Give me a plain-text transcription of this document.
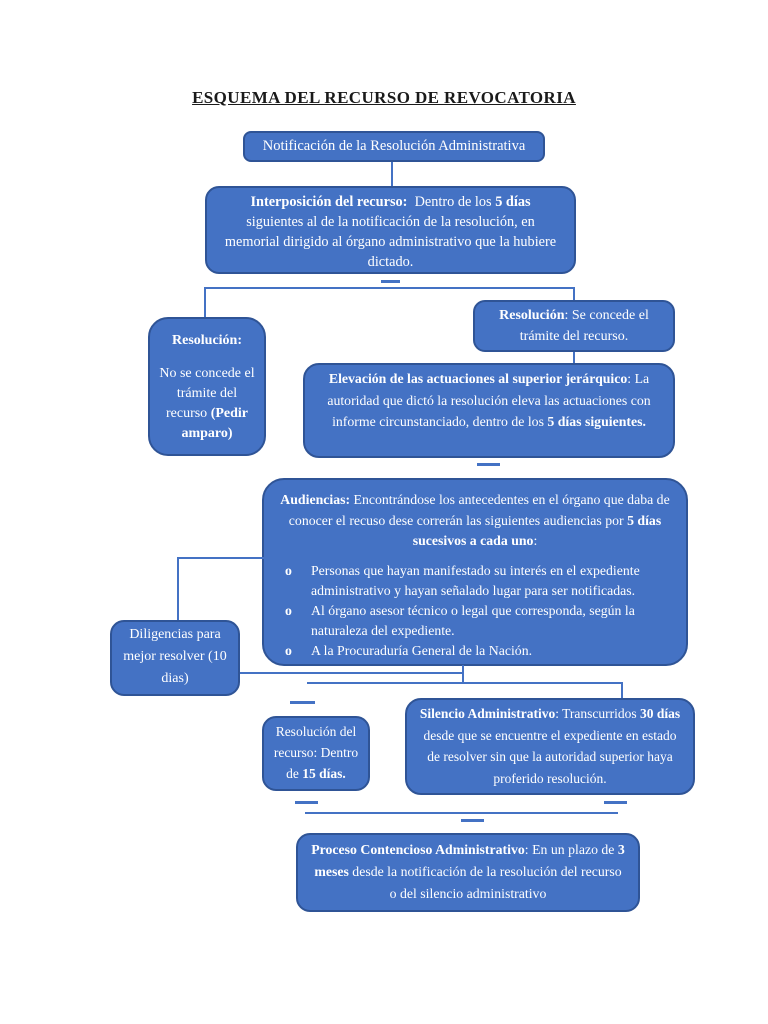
ESQUEMA DEL RECURSO DE REVOCATORIA
Notificación de la Resolución Administrativa
Interposición del recurso:  Dentro de los 5 días siguientes al de la notificación de la resolución, en memorial dirigido al órgano administrativo que la hubiere dictado.
Resolución:
No se concede el trámite del recurso (Pedir amparo)
Resolución: Se concede el trámite del recurso.
Elevación de las actuaciones al superior jerárquico: La autoridad que dictó la resolución eleva las actuaciones con informe circunstanciado, dentro de los 5 días siguientes.
Audiencias: Encontrándose los antecedentes en el órgano que daba de conocer el recuso dese correrán las siguientes audiencias por 5 días sucesivos a cada uno:
o	Personas que hayan manifestado su interés en el expediente administrativo y hayan señalado lugar para ser notificadas.
o	Al órgano asesor técnico o legal que corresponda, según la naturaleza del expediente.
o	A la Procuraduría General de la Nación.
Diligencias para mejor resolver (10 dias)
Resolución del recurso: Dentro de 15 días.
Silencio Administrativo: Transcurridos 30 días desde que se encuentre el expediente en estado de resolver sin que la autoridad superior haya proferido resolución.
Proceso Contencioso Administrativo: En un plazo de 3 meses desde la notificación de la resolución del recurso o del silencio administrativo
